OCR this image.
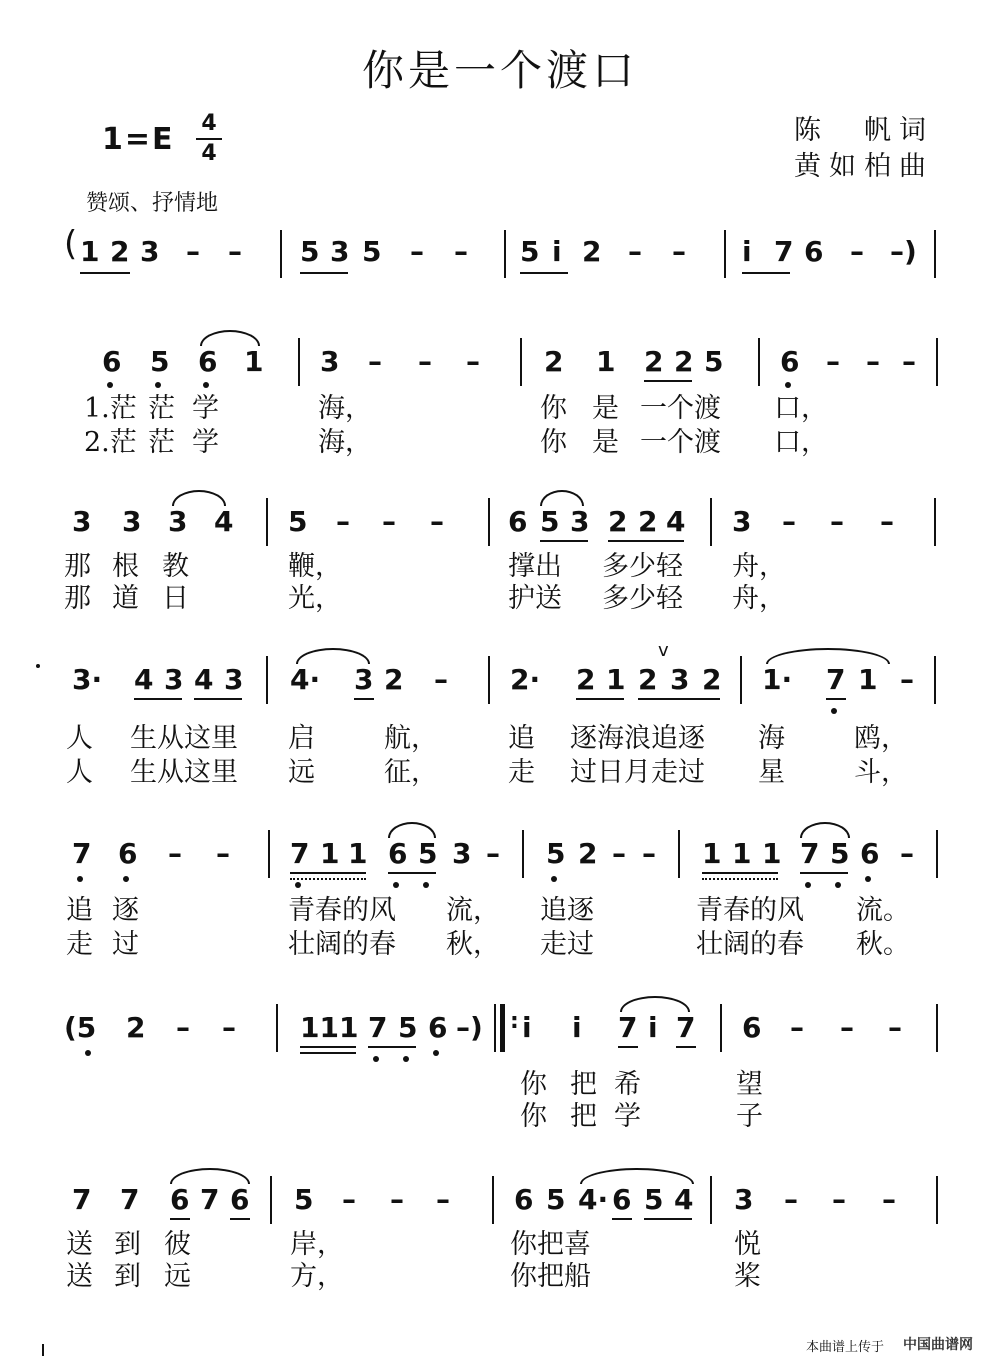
你是一个渡口
1=E 4
4
陈　帆词
黄如柏曲
赞颂、抒情地
( 1 2 3 – – 5 3 5 – – 5 i 2 – – i 7 6 – –)
6 5 6 1 3 – – – 2 1 2 2 5 6 – – –
1.茫 茫 学	海，	你 是 一个渡 口，
2.茫 茫 学	海，	你 是 一个渡 口，
3 3 3 4 5 – – – 6 5 3 2 2 4 3 – – –
那 根 教	鞭，	撑出 多少轻 舟，
那 道 日	光，	护送 多少轻 舟，
3· 4 3 4 3 4· 3 2 –
v
2· 2 1 2 3 2 1· 7 1 –
人 生从这里 启	航，	追 逐海浪追逐 海	鸥，
人 生从这里 远	征，	走 过日月走过 星	斗，
7 6 – – 7 1 1 6 5 3 – 5 2 – – 1 1 1 7 5 6 –
追 逐	青春的风 流， 追逐	青春的风 流。
走 过	壮阔的春 秋， 走过	壮阔的春 秋。
(5 2 – – 111 7 5 6 –) : i i 7 i 7 6 – – –
你 把 希	望
你 把 学	子
7 7 6 7 6 5 – – – 6 5 4· 6 5 4 3 – – –
送 到 彼	岸，	你把喜	悦
送 到 远	方，	你把船	桨
本曲谱上传于 中国曲谱网
